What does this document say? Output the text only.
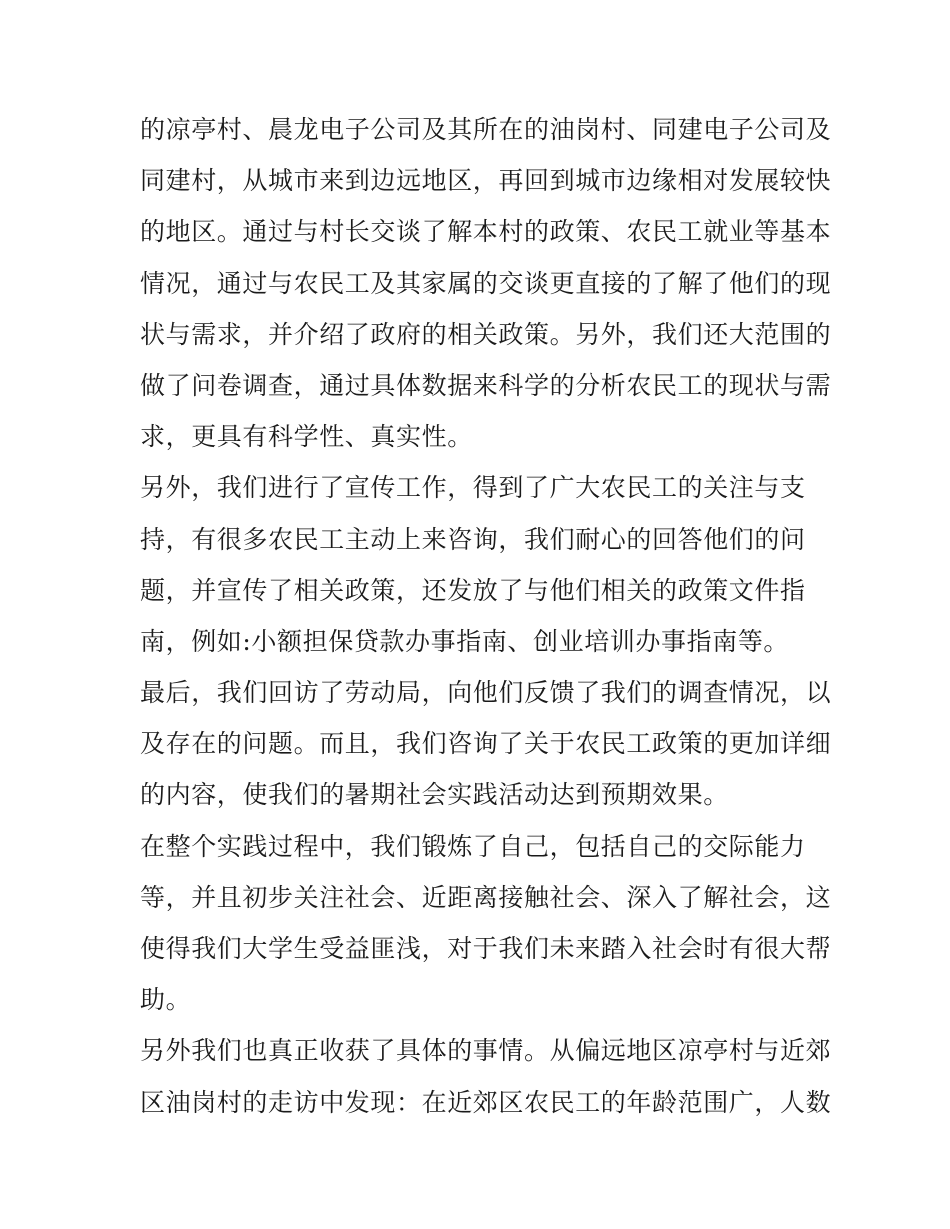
的凉亭村、晨龙电子公司及其所在的油岗村、同建电子公司及
同建村，从城市来到边远地区，再回到城市边缘相对发展较快
的地区。通过与村长交谈了解本村的政策、农民工就业等基本
情况，通过与农民工及其家属的交谈更直接的了解了他们的现
状与需求，并介绍了政府的相关政策。另外，我们还大范围的
做了问卷调查，通过具体数据来科学的分析农民工的现状与需
求，更具有科学性、真实性。
另外，我们进行了宣传工作，得到了广大农民工的关注与支
持，有很多农民工主动上来咨询，我们耐心的回答他们的问
题，并宣传了相关政策，还发放了与他们相关的政策文件指
南，例如:小额担保贷款办事指南、创业培训办事指南等。
最后，我们回访了劳动局，向他们反馈了我们的调查情况，以
及存在的问题。而且，我们咨询了关于农民工政策的更加详细
的内容，使我们的暑期社会实践活动达到预期效果。
在整个实践过程中，我们锻炼了自己，包括自己的交际能力
等，并且初步关注社会、近距离接触社会、深入了解社会，这
使得我们大学生受益匪浅，对于我们未来踏入社会时有很大帮
助。
另外我们也真正收获了具体的事情。从偏远地区凉亭村与近郊
区油岗村的走访中发现：在近郊区农民工的年龄范围广，人数
